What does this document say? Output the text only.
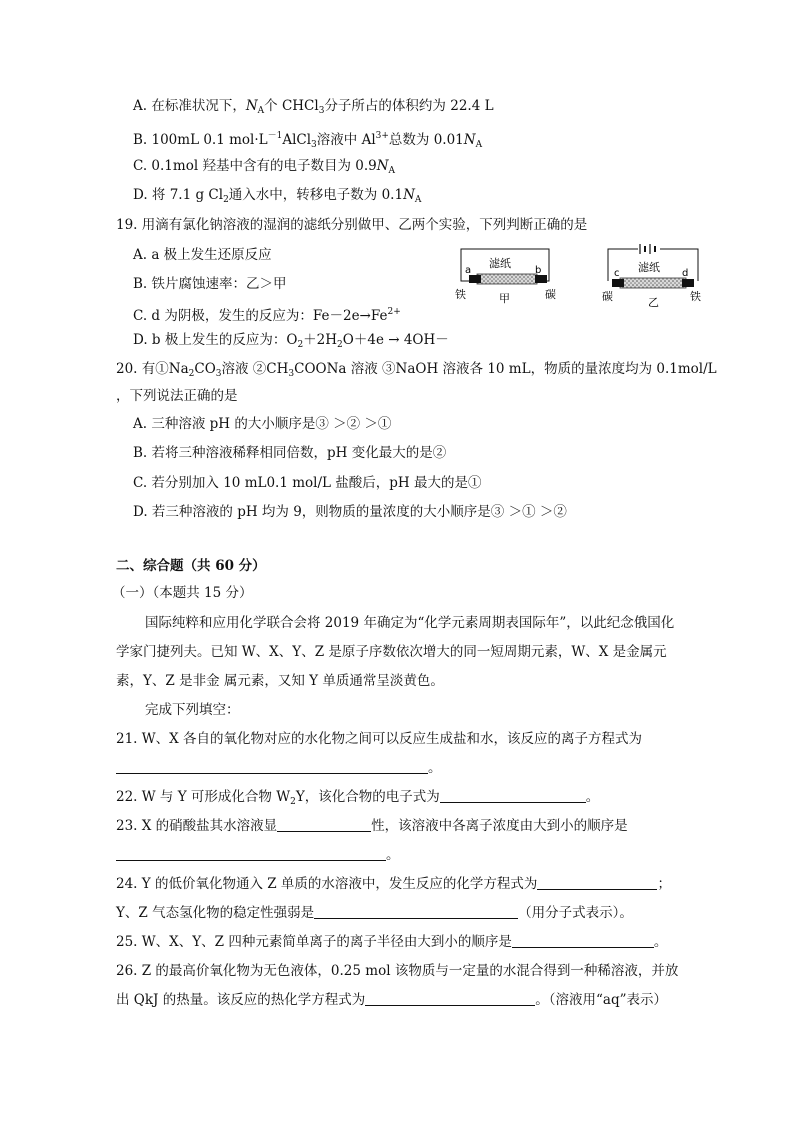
A. 在标准状况下，$N_A$个 CHCl$_3$分子所占的体积约为 22.4 L
B. 100mL 0.1 $mol\cdot L^{-1}AlCl_3$溶液中 $Al^{3+}$总数为 $0.01N_A$
C. 0.1mol 羟基中含有的电子数目为 $0.9N_A$
D. 将 7.1 g $Cl_2$通入水中，转移电子数为 $0.1N_A$
19. 用滴有氯化钠溶液的湿润的滤纸分别做甲、乙两个实验，下列判断正确的是
A. a 极上发生还原反应
B. 铁片腐蚀速率：乙＞甲
C. d 为阴极，发生的反应为：$Fe-2e\to Fe^{2+}$
D. b 极上发生的反应为：$O_2+2H_2O+4e \to 4OH-$
滤纸
a	b
铁	碳
甲
滤纸
c	d
碳	铁
乙
20. 有$①Na_2CO_3$溶液 $②CH_3COONa$ 溶液 ③NaOH 溶液各 10 mL，物质的量浓度均为 0.1mol/L
，下列说法正确的是
A. 三种溶液 pH 的大小顺序是③ ＞② ＞①
B. 若将三种溶液稀释相同倍数，pH 变化最大的是②
C. 若分别加入 10 mL0.1 mol/L 盐酸后，pH 最大的是①
D. 若三种溶液的 pH 均为 9，则物质的量浓度的大小顺序是③ ＞① ＞②
二、综合题（共 60 分）
（一）（本题共 15 分）
国际纯粹和应用化学联合会将 2019 年确定为“化学元素周期表国际年”，以此纪念俄国化
学家门捷列夫。已知 W、X、Y、Z 是原子序数依次增大的同一短周期元素，W、X 是金属元
素，Y、Z 是非金 属元素，又知 Y 单质通常呈淡黄色。
完成下列填空：
21. W、X 各自的氧化物对应的水化物之间可以反应生成盐和水，该反应的离子方程式为
。
22. W 与 Y 可形成化合物 $W_2Y$，该化合物的电子式为	。
23. X 的硝酸盐其水溶液显	性，该溶液中各离子浓度由大到小的顺序是
。
24. Y 的低价氧化物通入 Z 单质的水溶液中，发生反应的化学方程式为	；
Y、Z 气态氢化物的稳定性强弱是	（用分子式表示）。
25. W、X、Y、Z 四种元素简单离子的离子半径由大到小的顺序是	。
26. Z 的最高价氧化物为无色液体，0.25 mol 该物质与一定量的水混合得到一种稀溶液，并放
出 QkJ 的热量。该反应的热化学方程式为	。（溶液用“aq”表示）
